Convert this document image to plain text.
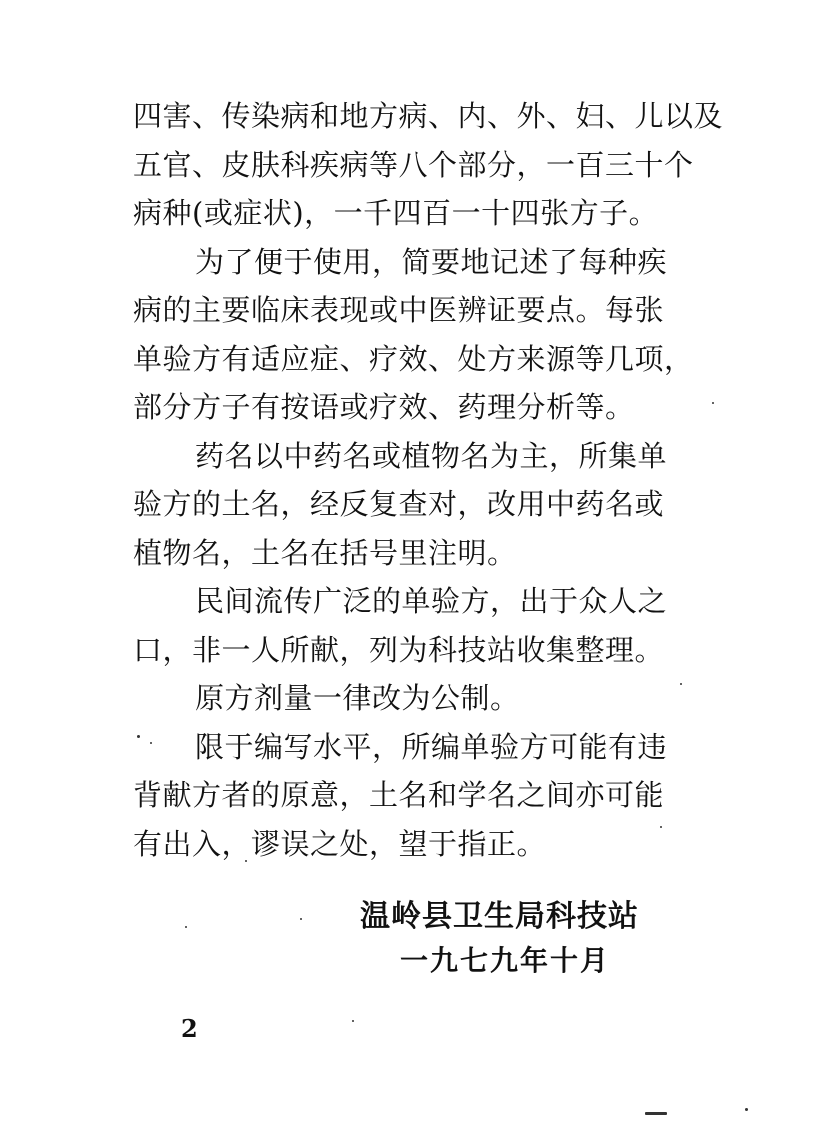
四害、传染病和地方病、内、外、妇、儿以及
五官、皮肤科疾病等八个部分，一百三十个
病种(或症状)，一千四百一十四张方子。
为了便于使用，简要地记述了每种疾
病的主要临床表现或中医辨证要点。每张
单验方有适应症、疗效、处方来源等几项，
部分方子有按语或疗效、药理分析等。
药名以中药名或植物名为主，所集单
验方的土名，经反复查对，改用中药名或
植物名，土名在括号里注明。
民间流传广泛的单验方，出于众人之
口，非一人所献，列为科技站收集整理。
原方剂量一律改为公制。
限于编写水平，所编单验方可能有违
背献方者的原意，土名和学名之间亦可能
有出入，谬误之处，望于指正。
温岭县卫生局科技站
一九七九年十月
2
